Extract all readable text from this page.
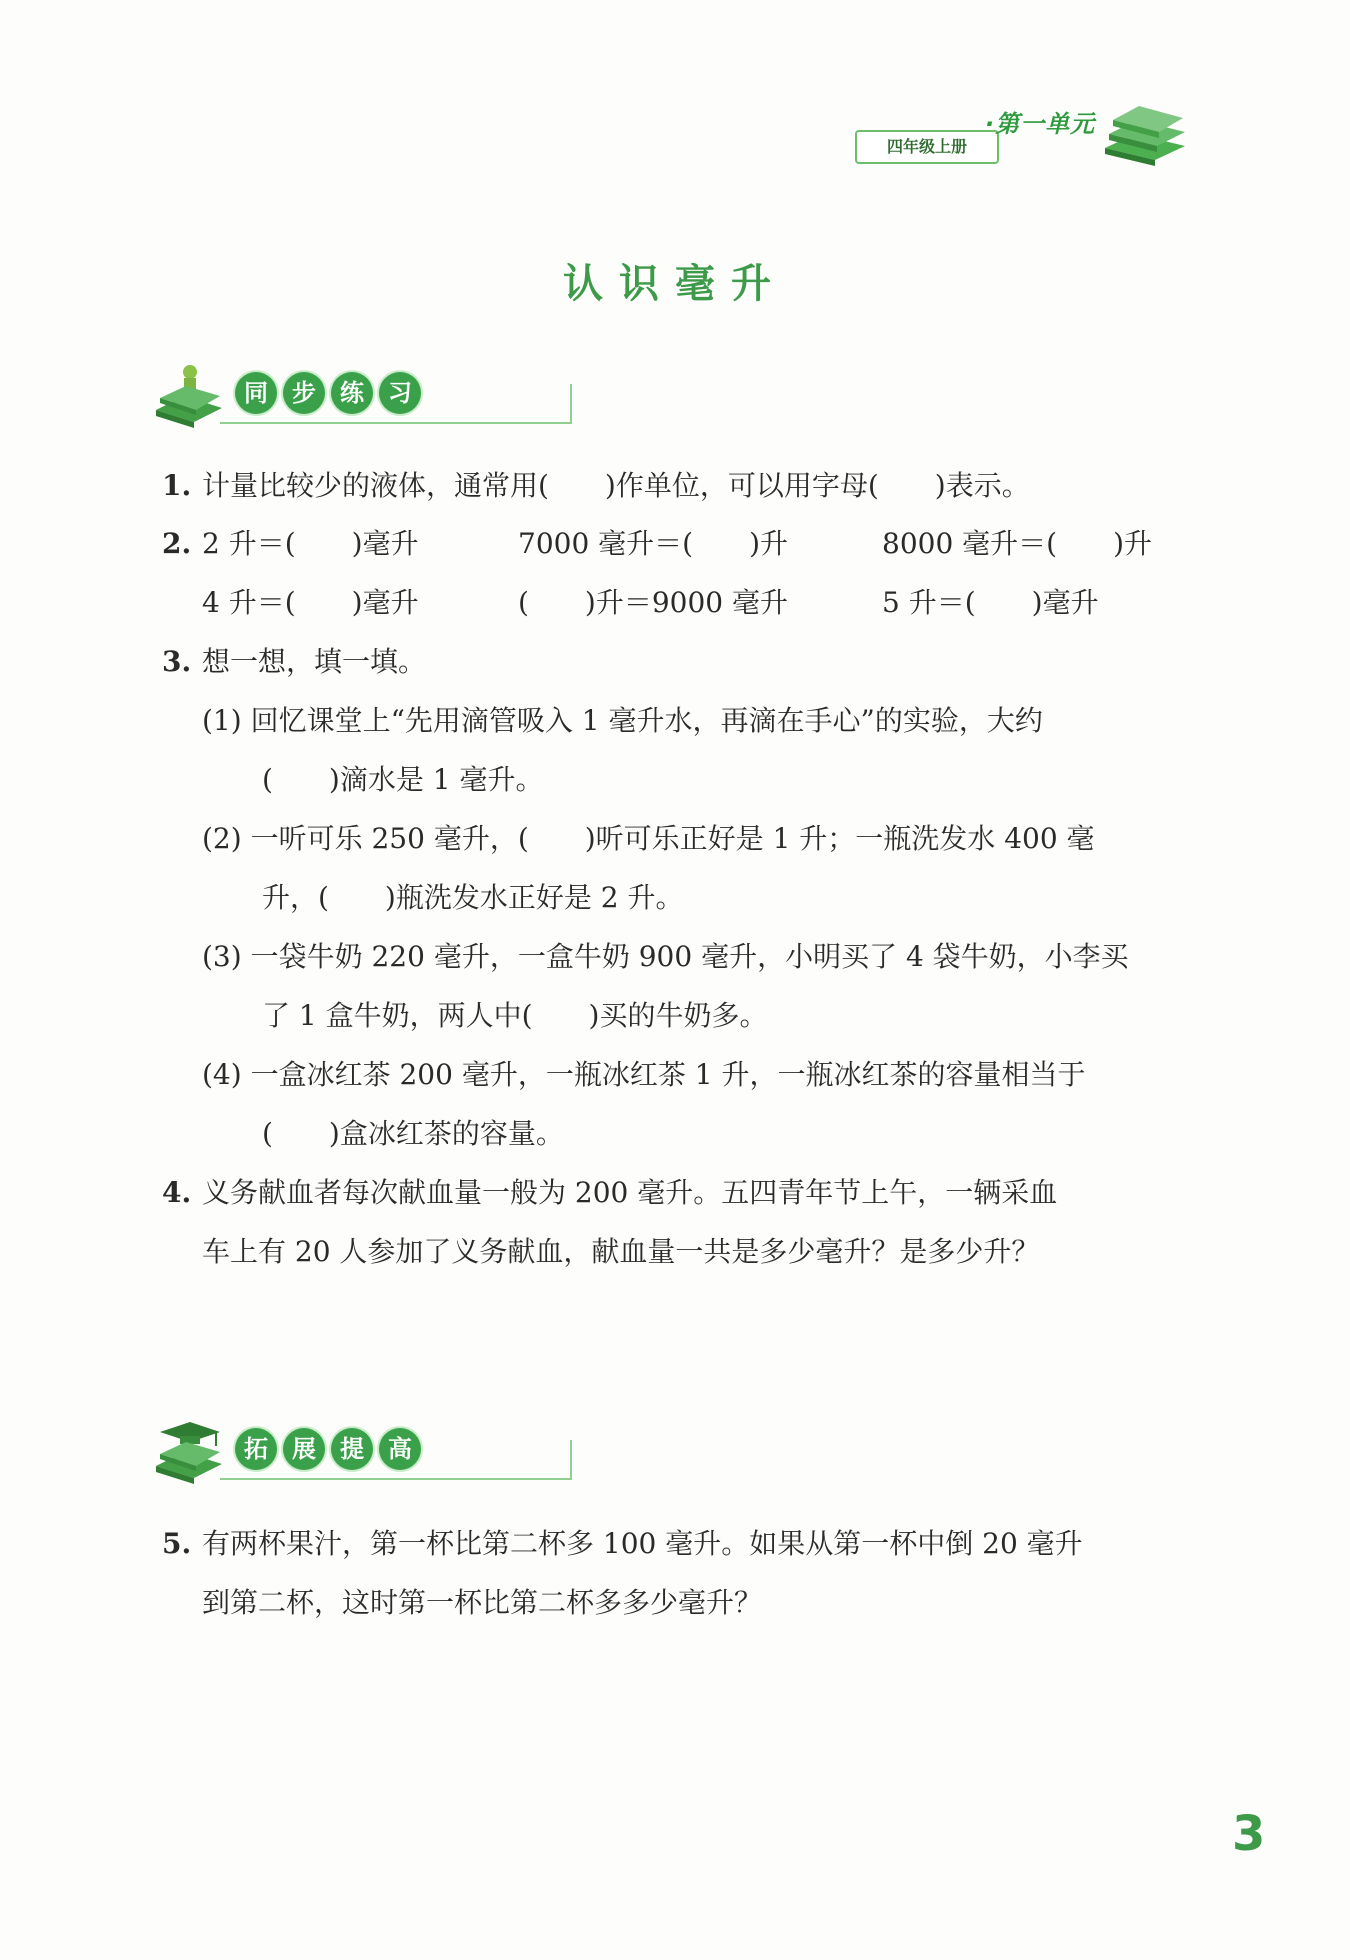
四年级上册
·第一单元
认识毫升
同	步	练	习
1. 计量比较少的液体，通常用(　　)作单位，可以用字母(　　)表示。
2. 2 升＝(　　)毫升	7000 毫升＝(　　)升	8000 毫升＝(　　)升
4 升＝(　　)毫升	(　　)升＝9000 毫升	5 升＝(　　)毫升
3. 想一想，填一填。
(1) 回忆课堂上“先用滴管吸入 1 毫升水，再滴在手心”的实验，大约
(　　)滴水是 1 毫升。
(2) 一听可乐 250 毫升，(　　)听可乐正好是 1 升；一瓶洗发水 400 毫
升，(　　)瓶洗发水正好是 2 升。
(3) 一袋牛奶 220 毫升，一盒牛奶 900 毫升，小明买了 4 袋牛奶，小李买
了 1 盒牛奶，两人中(　　)买的牛奶多。
(4) 一盒冰红茶 200 毫升，一瓶冰红茶 1 升，一瓶冰红茶的容量相当于
(　　)盒冰红茶的容量。
4. 义务献血者每次献血量一般为 200 毫升。五四青年节上午，一辆采血
车上有 20 人参加了义务献血，献血量一共是多少毫升？是多少升？
拓	展	提	高
5. 有两杯果汁，第一杯比第二杯多 100 毫升。如果从第一杯中倒 20 毫升
到第二杯，这时第一杯比第二杯多多少毫升？
3
